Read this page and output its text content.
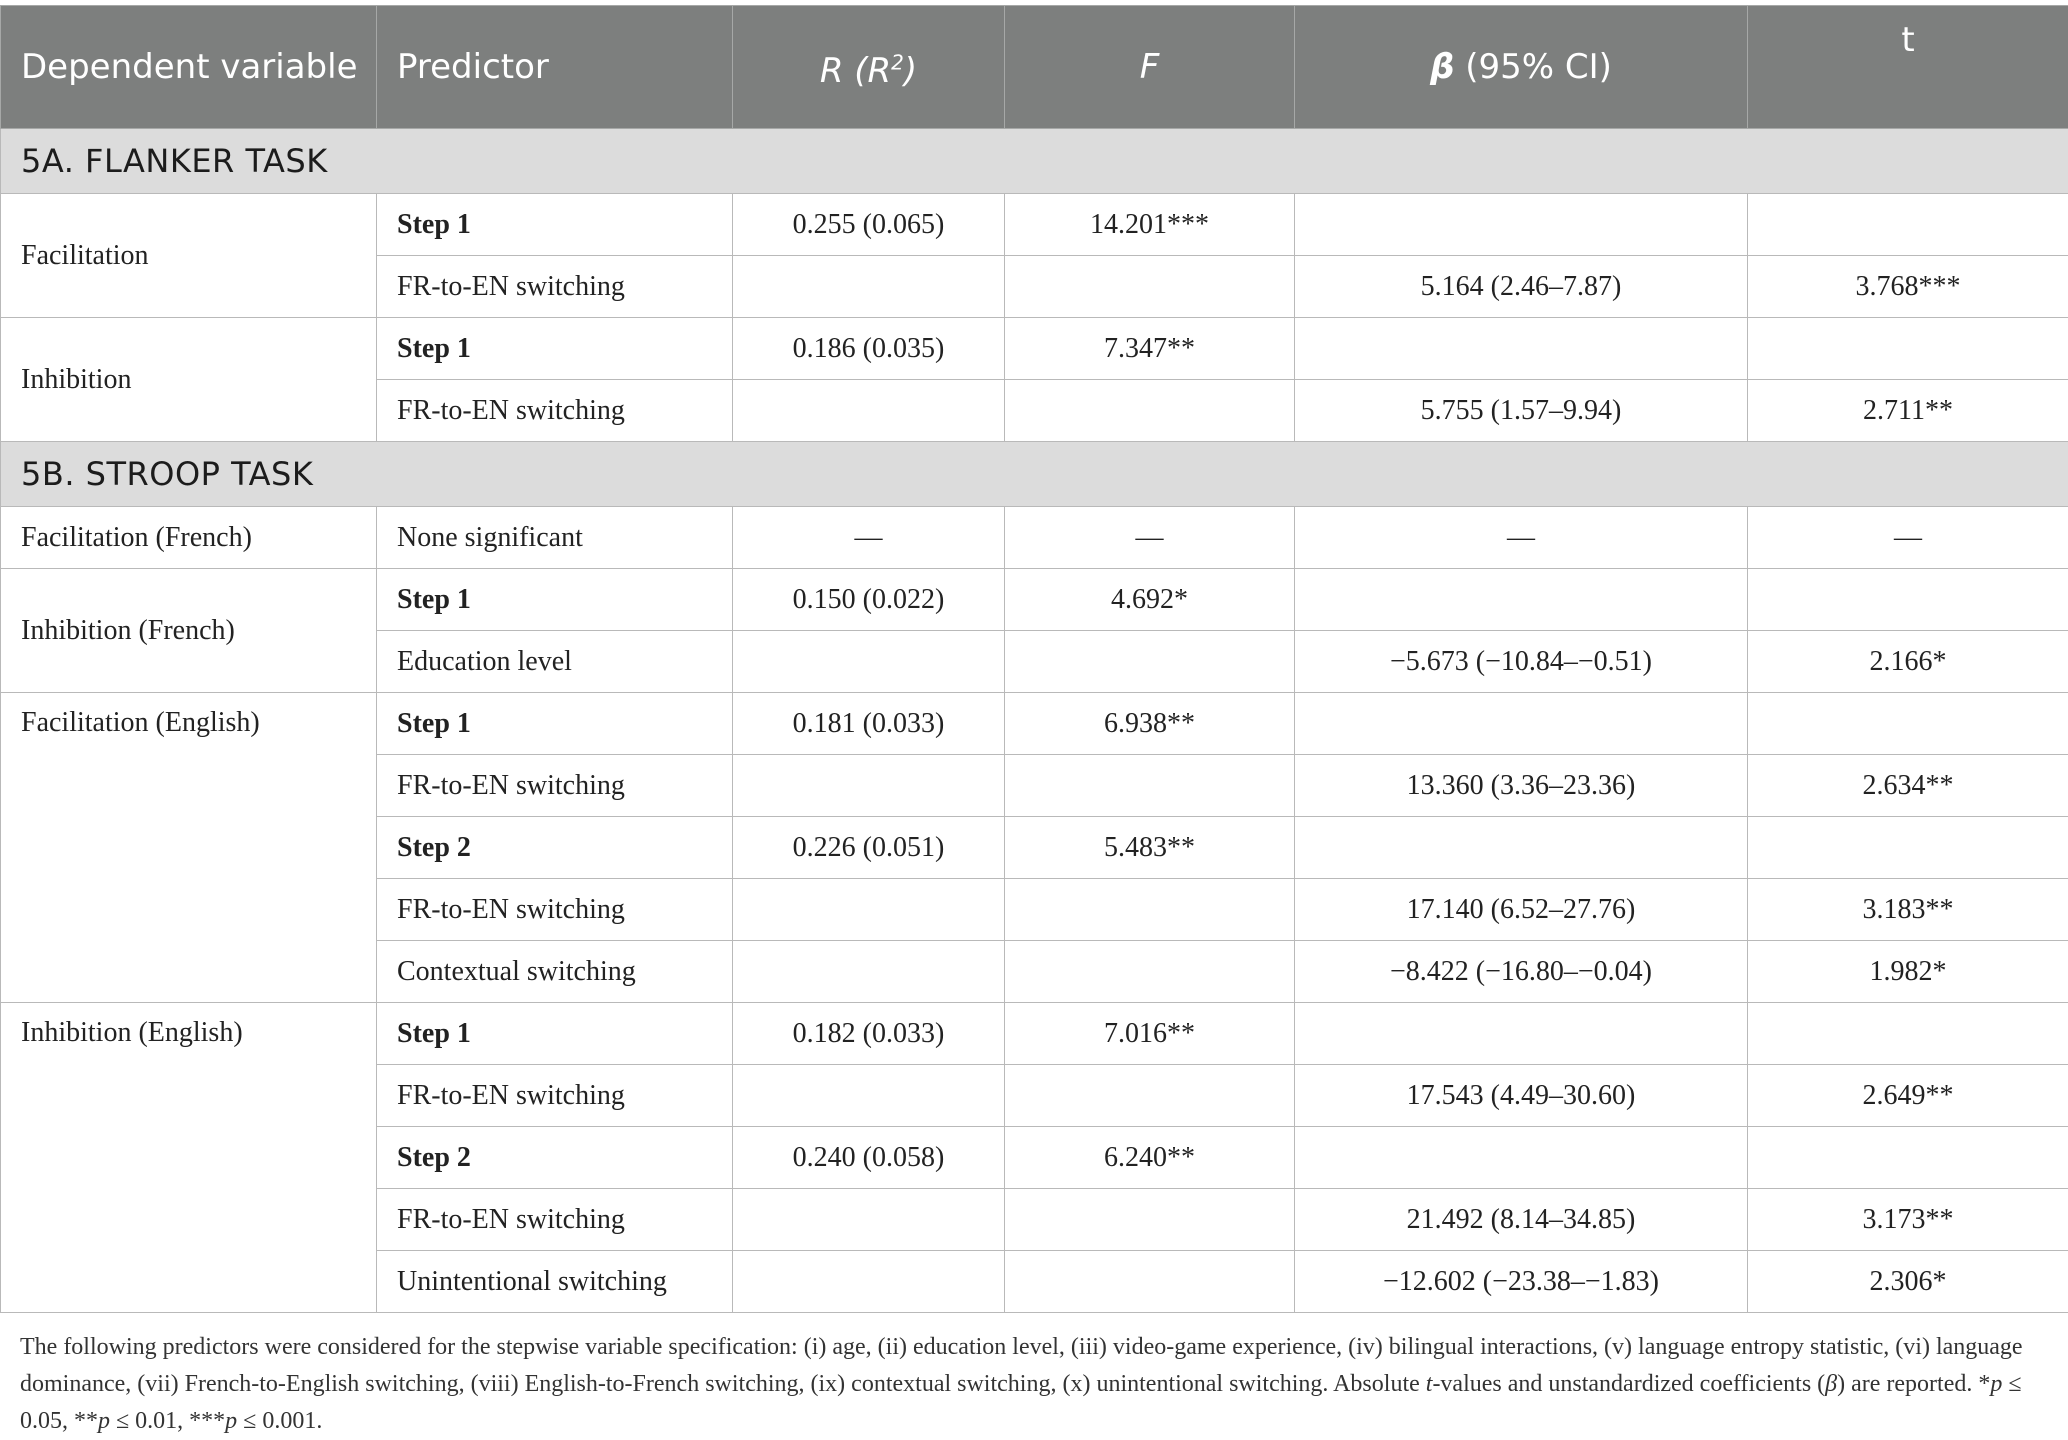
Dependent variable	Predictor	R $(R^2)$	F	β (95% CI)	t
5A. FLANKER TASK					
Facilitation	Step 1	0.255 (0.065)	14.201***		
	FR-to-EN switching			5.164 (2.46–7.87)	3.768***
Inhibition	Step 1	0.186 (0.035)	7.347**		
	FR-to-EN switching			5.755 (1.57–9.94)	2.711**
5B. STROOP TASK					
Facilitation (French)	None significant	—	—	—	—
Inhibition (French)	Step 1	0.150 (0.022)	4.692*		
	Education level			−5.673 (−10.84–−0.51)	2.166*
Facilitation (English)	Step 1	0.181 (0.033)	6.938**		
	FR-to-EN switching			13.360 (3.36–23.36)	2.634**
	Step 2	0.226 (0.051)	5.483**		
	FR-to-EN switching			17.140 (6.52–27.76)	3.183**
	Contextual switching			−8.422 (−16.80–−0.04)	1.982*
Inhibition (English)	Step 1	0.182 (0.033)	7.016**		
	FR-to-EN switching			17.543 (4.49–30.60)	2.649**
	Step 2	0.240 (0.058)	6.240**		
	FR-to-EN switching			21.492 (8.14–34.85)	3.173**
	Unintentional switching			−12.602 (−23.38–−1.83)	2.306*

The following predictors were considered for the stepwise variable specification: (i) age, (ii) education level, (iii) video-game experience, (iv) bilingual interactions, (v) language entropy statistic, (vi) language dominance, (vii) French-to-English switching, (viii) English-to-French switching, (ix) contextual switching, (x) unintentional switching. Absolute t-values and unstandardized coefficients (β) are reported. *p ≤ 0.05, **p ≤ 0.01, ***p ≤ 0.001.
